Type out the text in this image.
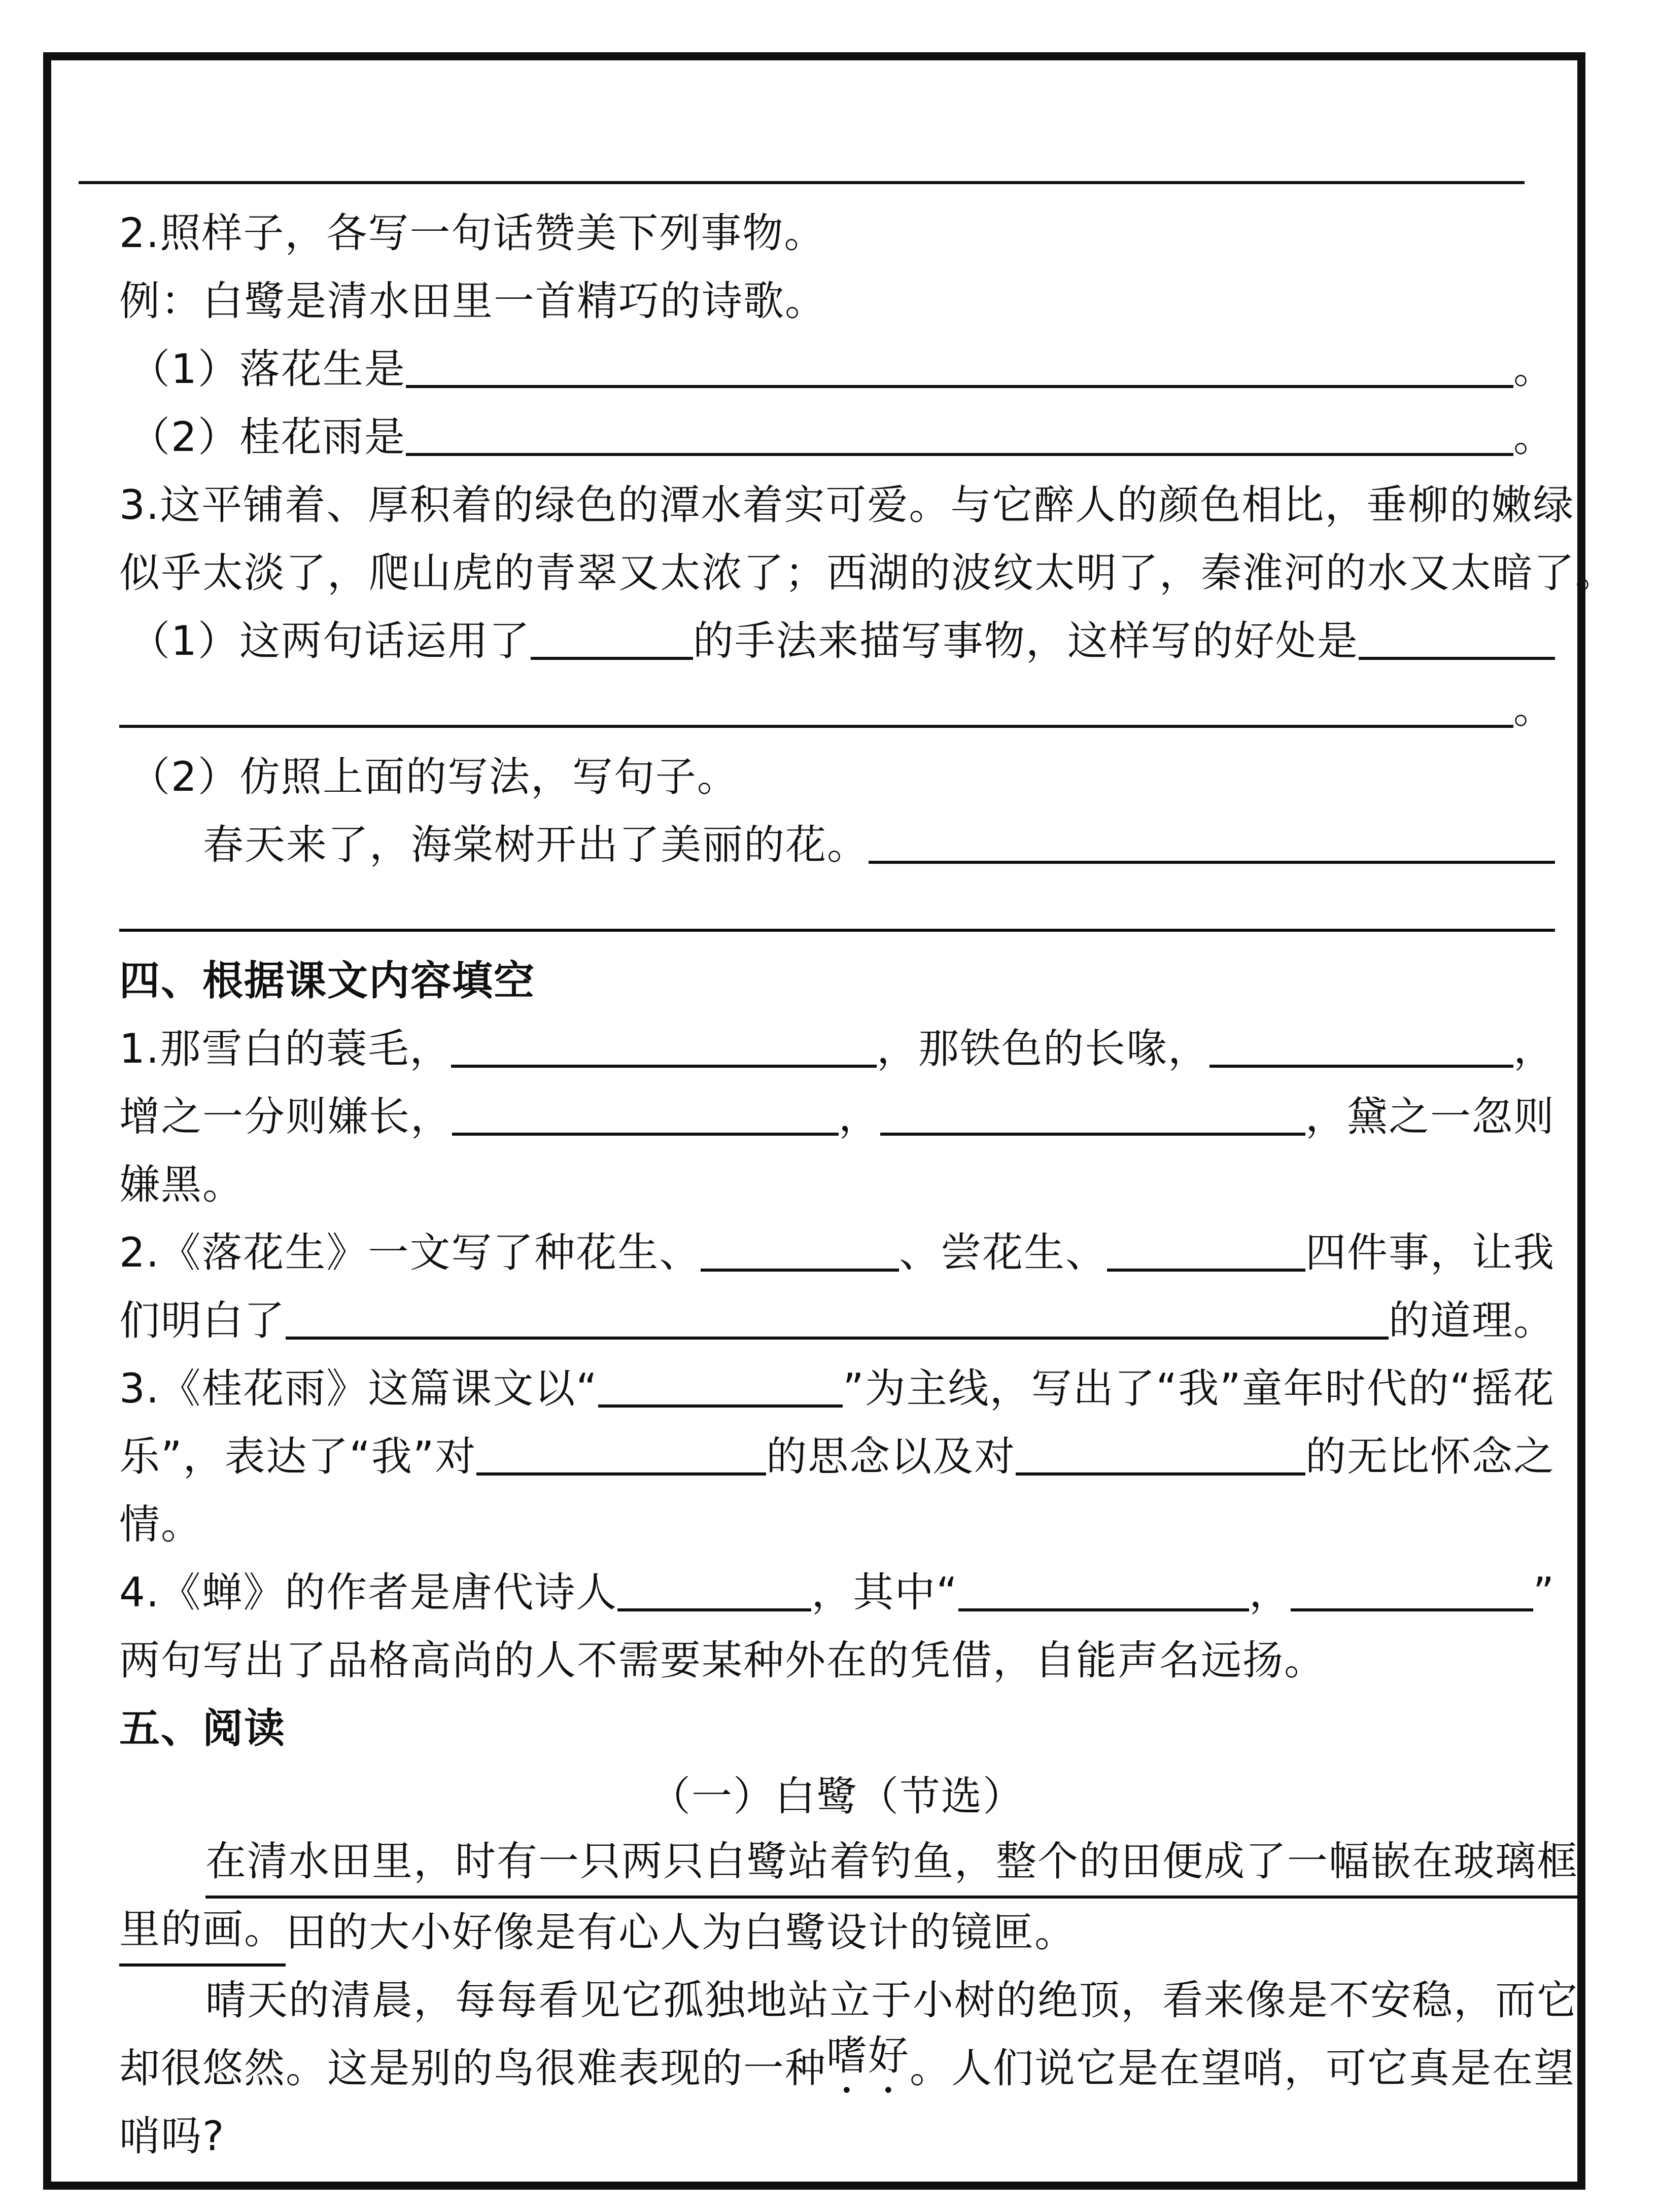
2.照样子，各写一句话赞美下列事物。
例：白鹭是清水田里一首精巧的诗歌。
（1）落花生是	。
（2）桂花雨是	。
3.这平铺着、厚积着的绿色的潭水着实可爱。与它醉人的颜色相比，垂柳的嫩绿
似乎太淡了，爬山虎的青翠又太浓了；西湖的波纹太明了，秦淮河的水又太暗了。
（1）这两句话运用了	的手法来描写事物，这样写的好处是
。
（2）仿照上面的写法，写句子。
春天来了，海棠树开出了美丽的花。
四、根据课文内容填空
1.那雪白的蓑毛，	，那铁色的长喙，	，
增之一分则嫌长，	，	，黛之一忽则
嫌黑。
2.《落花生》一文写了种花生、	、尝花生、	四件事，让我
们明白了	的道理。
3.《桂花雨》这篇课文以“	”为主线，写出了“我”童年时代的“摇花
乐”，表达了“我”对	的思念以及对	的无比怀念之
情。
4.《蝉》的作者是唐代诗人	，其中“	，	”
两句写出了品格高尚的人不需要某种外在的凭借，自能声名远扬。
五、阅读
（一）白鹭（节选）
在清水田里，时有一只两只白鹭站着钓鱼，整个的田便成了一幅嵌在玻璃框
里的画。 田的大小好像是有心人为白鹭设计的镜匣。
晴天的清晨，每每看见它孤独地站立于小树的绝顶，看来像是不安稳，而它
却很悠然。这是别的鸟很难表现的一种 嗜好 。人们说它是在望哨，可它真是在望
哨吗?
